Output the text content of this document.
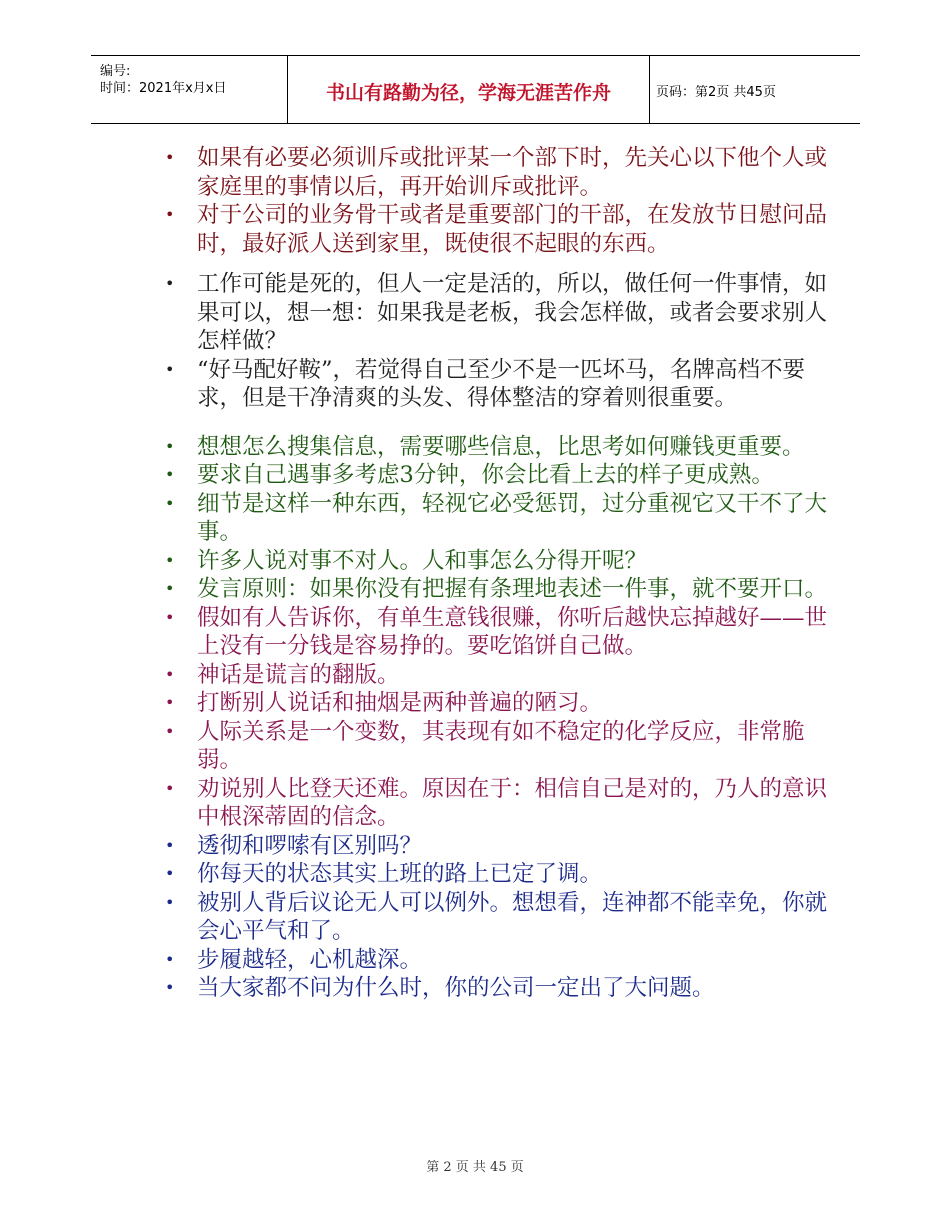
编号:
时间：2021年x月x日	书山有路勤为径，学海无涯苦作舟	页码：第2页 共45页
•	如果有必要必须训斥或批评某一个部下时，先关心以下他个人或家庭里的事情以后，再开始训斥或批评。
•	对于公司的业务骨干或者是重要部门的干部，在发放节日慰问品时，最好派人送到家里，既使很不起眼的东西。
•	工作可能是死的，但人一定是活的，所以，做任何一件事情，如果可以，想一想：如果我是老板，我会怎样做，或者会要求别人怎样做？
•	“好马配好鞍”，若觉得自己至少不是一匹坏马，名牌高档不要求，但是干净清爽的头发、得体整洁的穿着则很重要。
•	想想怎么搜集信息，需要哪些信息，比思考如何赚钱更重要。
•	要求自己遇事多考虑3分钟，你会比看上去的样子更成熟。
•	细节是这样一种东西，轻视它必受惩罚，过分重视它又干不了大事。
•	许多人说对事不对人。人和事怎么分得开呢？
•	发言原则：如果你没有把握有条理地表述一件事，就不要开口。
•	假如有人告诉你，有单生意钱很赚，你听后越快忘掉越好——世上没有一分钱是容易挣的。要吃馅饼自己做。
•	神话是谎言的翻版。
•	打断别人说话和抽烟是两种普遍的陋习。
•	人际关系是一个变数，其表现有如不稳定的化学反应，非常脆弱。
•	劝说别人比登天还难。原因在于：相信自己是对的，乃人的意识中根深蒂固的信念。
•	透彻和啰嗦有区别吗？
•	你每天的状态其实上班的路上已定了调。
•	被别人背后议论无人可以例外。想想看，连神都不能幸免，你就会心平气和了。
•	步履越轻，心机越深。
•	当大家都不问为什么时，你的公司一定出了大问题。
第 2 页 共 45 页
